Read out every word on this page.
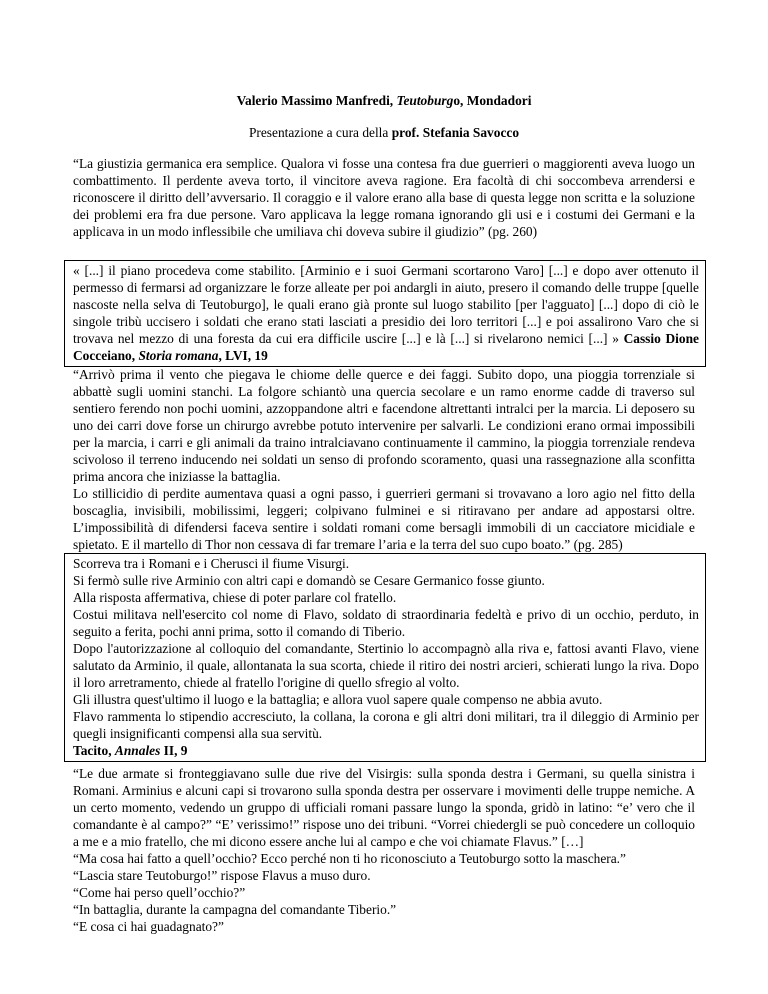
Valerio Massimo Manfredi, Teutoburgo, Mondadori
Presentazione a cura della prof. Stefania Savocco

“La giustizia germanica era semplice. Qualora vi fosse una contesa fra due guerrieri o maggiorenti aveva luogo un combattimento. Il perdente aveva torto, il vincitore aveva ragione. Era facoltà di chi soccombeva arrendersi e riconoscere il diritto dell’avversario. Il coraggio e il valore erano alla base di questa legge non scritta e la soluzione dei problemi era fra due persone. Varo applicava la legge romana ignorando gli usi e i costumi dei Germani e la applicava in un modo inflessibile che umiliava chi doveva subire il giudizio” (pg. 260)

« [...] il piano procedeva come stabilito. [Arminio e i suoi Germani scortarono Varo] [...] e dopo aver ottenuto il permesso di fermarsi ad organizzare le forze alleate per poi andargli in aiuto, presero il comando delle truppe [quelle nascoste nella selva di Teutoburgo], le quali erano già pronte sul luogo stabilito [per l'agguato] [...] dopo di ciò le singole tribù uccisero i soldati che erano stati lasciati a presidio dei loro territori [...] e poi assalirono Varo che si trovava nel mezzo di una foresta da cui era difficile uscire [...] e là [...] si rivelarono nemici [...] » Cassio Dione Cocceiano, Storia romana, LVI, 19

“Arrivò prima il vento che piegava le chiome delle querce e dei faggi. Subito dopo, una pioggia torrenziale si abbattè sugli uomini stanchi. La folgore schiantò una quercia secolare e un ramo enorme cadde di traverso sul sentiero ferendo non pochi uomini, azzoppandone altri e facendone altrettanti intralci per la marcia. Li deposero su uno dei carri dove forse un chirurgo avrebbe potuto intervenire per salvarli. Le condizioni erano ormai impossibili per la marcia, i carri e gli animali da traino intralciavano continuamente il cammino, la pioggia torrenziale rendeva scivoloso il terreno inducendo nei soldati un senso di profondo scoramento, quasi una rassegnazione alla sconfitta prima ancora che iniziasse la battaglia.

Lo stillicidio di perdite aumentava quasi a ogni passo, i guerrieri germani si trovavano a loro agio nel fitto della boscaglia, invisibili, mobilissimi, leggeri; colpivano fulminei e si ritiravano per andare ad appostarsi oltre. L’impossibilità di difendersi faceva sentire i soldati romani come bersagli immobili di un cacciatore micidiale e spietato. E il martello di Thor non cessava di far tremare l’aria e la terra del suo cupo boato.” (pg. 285)

Scorreva tra i Romani e i Cherusci il fiume Visurgi.

Si fermò sulle rive Arminio con altri capi e domandò se Cesare Germanico fosse giunto.

Alla risposta affermativa, chiese di poter parlare col fratello.

Costui militava nell'esercito col nome di Flavo, soldato di straordinaria fedeltà e privo di un occhio, perduto, in seguito a ferita, pochi anni prima, sotto il comando di Tiberio.

Dopo l'autorizzazione al colloquio del comandante, Stertinio lo accompagnò alla riva e, fattosi avanti Flavo, viene salutato da Arminio, il quale, allontanata la sua scorta, chiede il ritiro dei nostri arcieri, schierati lungo la riva. Dopo il loro arretramento, chiede al fratello l'origine di quello sfregio al volto.

Gli illustra quest'ultimo il luogo e la battaglia; e allora vuol sapere quale compenso ne abbia avuto.

Flavo rammenta lo stipendio accresciuto, la collana, la corona e gli altri doni militari, tra il dileggio di Arminio per quegli insignificanti compensi alla sua servitù.

Tacito, Annales II, 9

“Le due armate si fronteggiavano sulle due rive del Visirgis: sulla sponda destra i Germani, su quella sinistra i Romani. Arminius e alcuni capi si trovarono sulla sponda destra per osservare i movimenti delle truppe nemiche. A un certo momento, vedendo un gruppo di ufficiali romani passare lungo la sponda, gridò in latino: “e’ vero che il comandante è al campo?” “E’ verissimo!” rispose uno dei tribuni. “Vorrei chiedergli se può concedere un colloquio a me e a mio fratello, che mi dicono essere anche lui al campo e che voi chiamate Flavus.” […]

“Ma cosa hai fatto a quell’occhio? Ecco perché non ti ho riconosciuto a Teutoburgo sotto la maschera.”

“Lascia stare Teutoburgo!” rispose Flavus a muso duro.

“Come hai perso quell’occhio?”

“In battaglia, durante la campagna del comandante Tiberio.”

“E cosa ci hai guadagnato?”
